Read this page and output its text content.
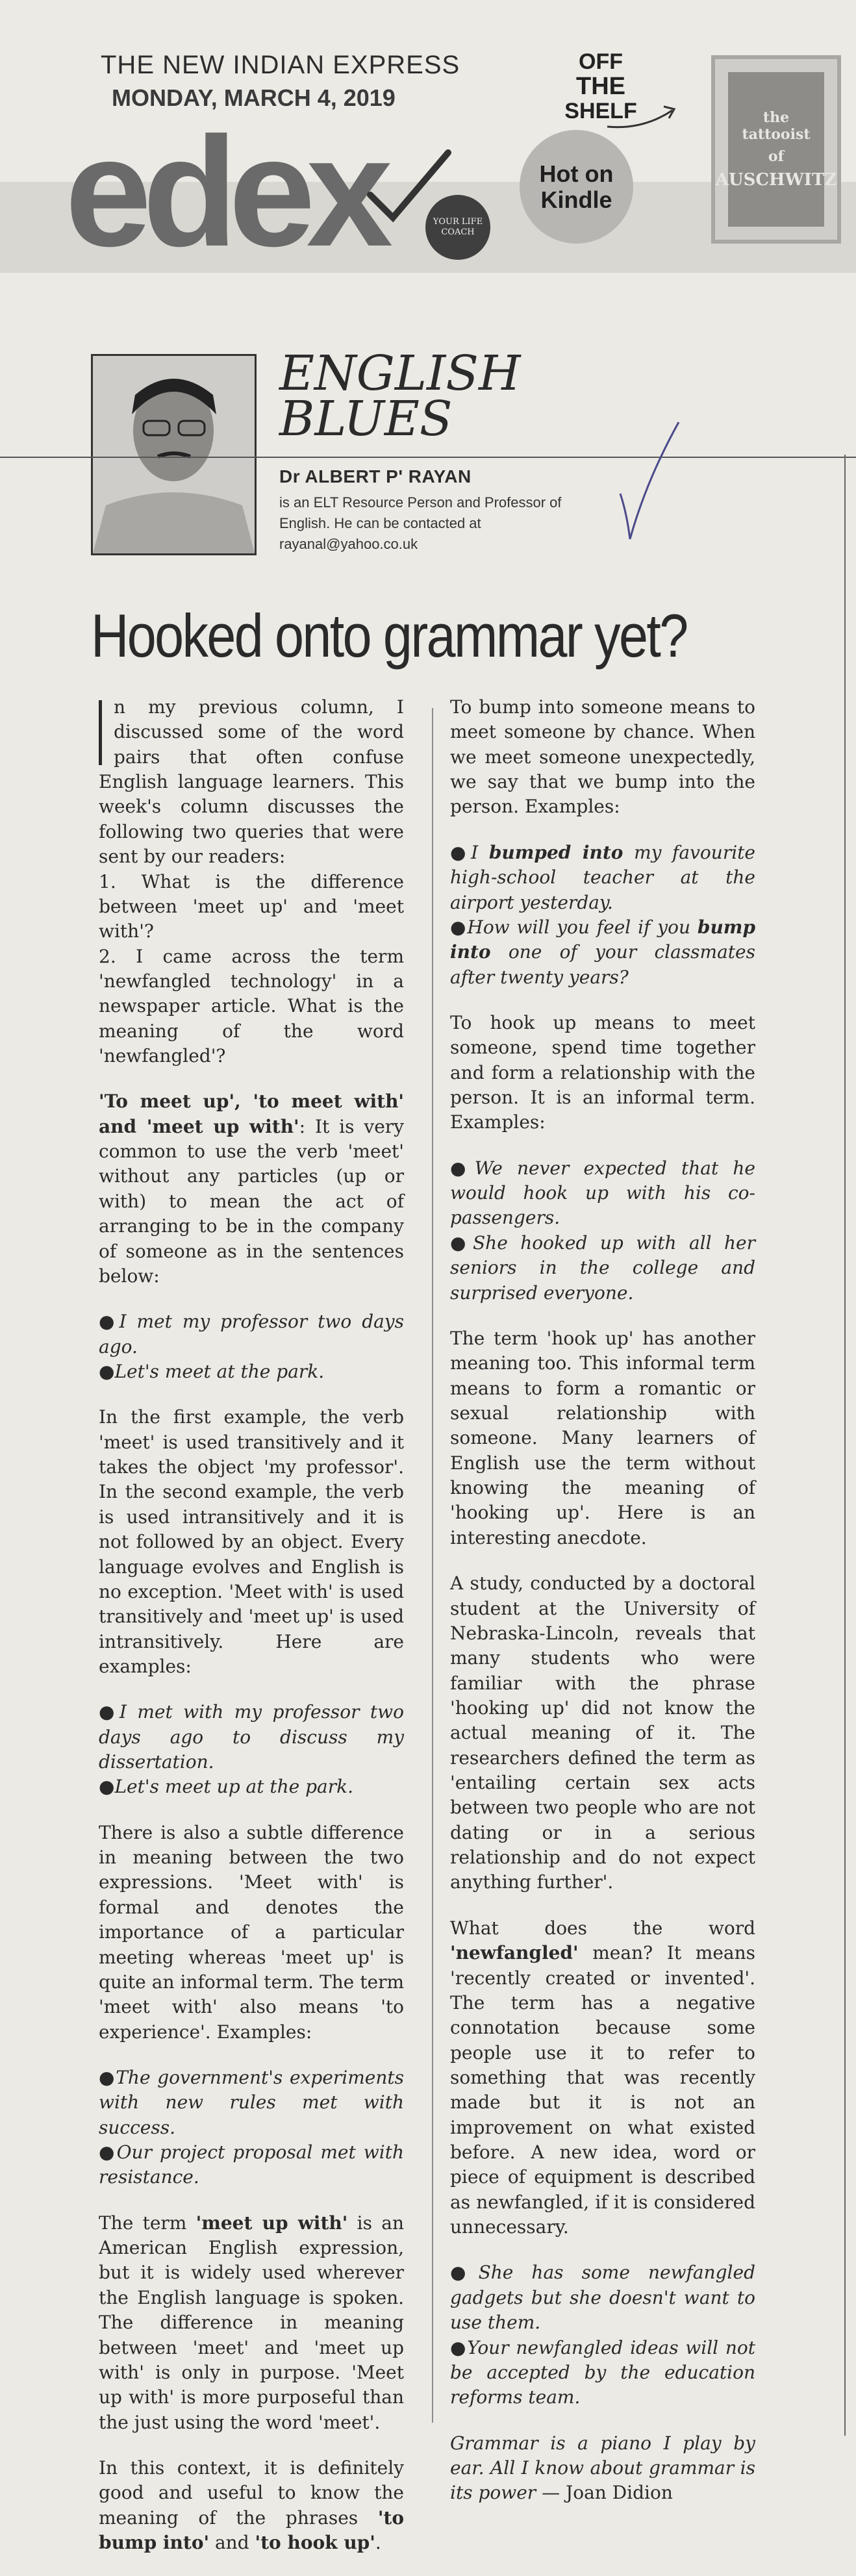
THE NEW INDIAN EXPRESS
MONDAY, MARCH 4, 2019
edex	YOUR LIFE COACH
OFF
THE
SHELF
Hot on Kindle
the tattooist
of
AUSCHWITZ
ENGLISH
BLUES
Dr ALBERT P' RAYAN
is an ELT Resource Person and Professor of English. He can be contacted at rayanal@yahoo.co.uk
Hooked onto grammar yet?

n my previous column, I discussed some of the word pairs that often confuse English language learners. This week's column discusses the following two queries that were sent by our readers:
1. What is the difference between 'meet up' and 'meet with'?
2. I came across the term 'newfangled technology' in a newspaper article. What is the meaning of the word 'newfangled'?

'To meet up', 'to meet with' and 'meet up with': It is very common to use the verb 'meet' without any particles (up or with) to mean the act of arranging to be in the company of someone as in the sentences below:

●I met my professor two days ago.
●Let's meet at the park.

In the first example, the verb 'meet' is used transitively and it takes the object 'my professor'. In the second example, the verb is used intransitively and it is not followed by an object. Every language evolves and English is no exception. 'Meet with' is used transitively and 'meet up' is used intransitively. Here are examples:

●I met with my professor two days ago to discuss my dissertation.
●Let's meet up at the park.

There is also a subtle difference in meaning between the two expressions. 'Meet with' is formal and denotes the importance of a particular meeting whereas 'meet up' is quite an informal term. The term 'meet with' also means 'to experience'. Examples:

●The government's experiments with new rules met with success.
●Our project proposal met with resistance.

The term 'meet up with' is an American English expression, but it is widely used wherever the English language is spoken. The difference in meaning between 'meet' and 'meet up with' is only in purpose. 'Meet up with' is more purposeful than the just using the word 'meet'.

In this context, it is definitely good and useful to know the meaning of the phrases 'to bump into' and 'to hook up'.

To bump into someone means to meet someone by chance. When we meet someone unexpectedly, we say that we bump into the person. Examples:

●I bumped into my favourite high-school teacher at the airport yesterday.
●How will you feel if you bump into one of your classmates after twenty years?

To hook up means to meet someone, spend time together and form a relationship with the person. It is an informal term. Examples:

●We never expected that he would hook up with his co-passengers.
●She hooked up with all her seniors in the college and surprised everyone.

The term 'hook up' has another meaning too. This informal term means to form a romantic or sexual relationship with someone. Many learners of English use the term without knowing the meaning of 'hooking up'. Here is an interesting anecdote.

A study, conducted by a doctoral student at the University of Nebraska-Lincoln, reveals that many students who were familiar with the phrase 'hooking up' did not know the actual meaning of it. The researchers defined the term as 'entailing certain sex acts between two people who are not dating or in a serious relationship and do not expect anything further'.

What does the word 'newfangled' mean? It means 'recently created or invented'. The term has a negative connotation because some people use it to refer to something that was recently made but it is not an improvement on what existed before. A new idea, word or piece of equipment is described as newfangled, if it is considered unnecessary.

●She has some newfangled gadgets but she doesn't want to use them.
●Your newfangled ideas will not be accepted by the education reforms team.

Grammar is a piano I play by ear. All I know about grammar is its power — Joan Didion
